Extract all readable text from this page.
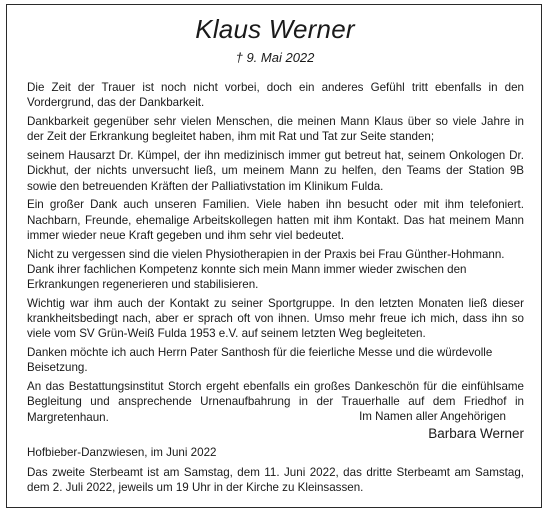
Klaus Werner
† 9. Mai 2022

Die Zeit der Trauer ist noch nicht vorbei, doch ein anderes Gefühl tritt ebenfalls in den Vordergrund, das der Dankbarkeit.

Dankbarkeit gegenüber sehr vielen Menschen, die meinen Mann Klaus über so viele Jahre in der Zeit der Erkrankung begleitet haben, ihm mit Rat und Tat zur Seite standen;

seinem Hausarzt Dr. Kümpel, der ihn medizinisch immer gut betreut hat, seinem Onkologen Dr. Dickhut, der nichts unversucht ließ, um meinem Mann zu helfen, den Teams der Station 9B sowie den betreuenden Kräften der Palliativstation im Klinikum Fulda.

Ein großer Dank auch unseren Familien. Viele haben ihn besucht oder mit ihm telefoniert. Nachbarn, Freunde, ehemalige Arbeitskollegen hatten mit ihm Kontakt. Das hat meinem Mann immer wieder neue Kraft gegeben und ihm sehr viel bedeutet.

Nicht zu vergessen sind die vielen Physiotherapien in der Praxis bei Frau Günther-Hohmann. Dank ihrer fachlichen Kompetenz konnte sich mein Mann immer wieder zwischen den Erkrankungen regenerieren und stabilisieren.

Wichtig war ihm auch der Kontakt zu seiner Sportgruppe. In den letzten Monaten ließ dieser krankheitsbedingt nach, aber er sprach oft von ihnen. Umso mehr freue ich mich, dass ihn so viele vom SV Grün-Weiß Fulda 1953 e.V. auf seinem letzten Weg begleiteten.

Danken möchte ich auch Herrn Pater Santhosh für die feierliche Messe und die würdevolle Beisetzung.

An das Bestattungsinstitut Storch ergeht ebenfalls ein großes Dankeschön für die einfühlsame Begleitung und ansprechende Urnenaufbahrung in der Trauerhalle auf dem Friedhof in Margretenhaun.	Im Namen aller Angehörigen
Barbara Werner
Hofbieber-Danzwiesen, im Juni 2022
Das zweite Sterbeamt ist am Samstag, dem 11. Juni 2022, das dritte Sterbeamt am Samstag, dem 2. Juli 2022, jeweils um 19 Uhr in der Kirche zu Kleinsassen.
